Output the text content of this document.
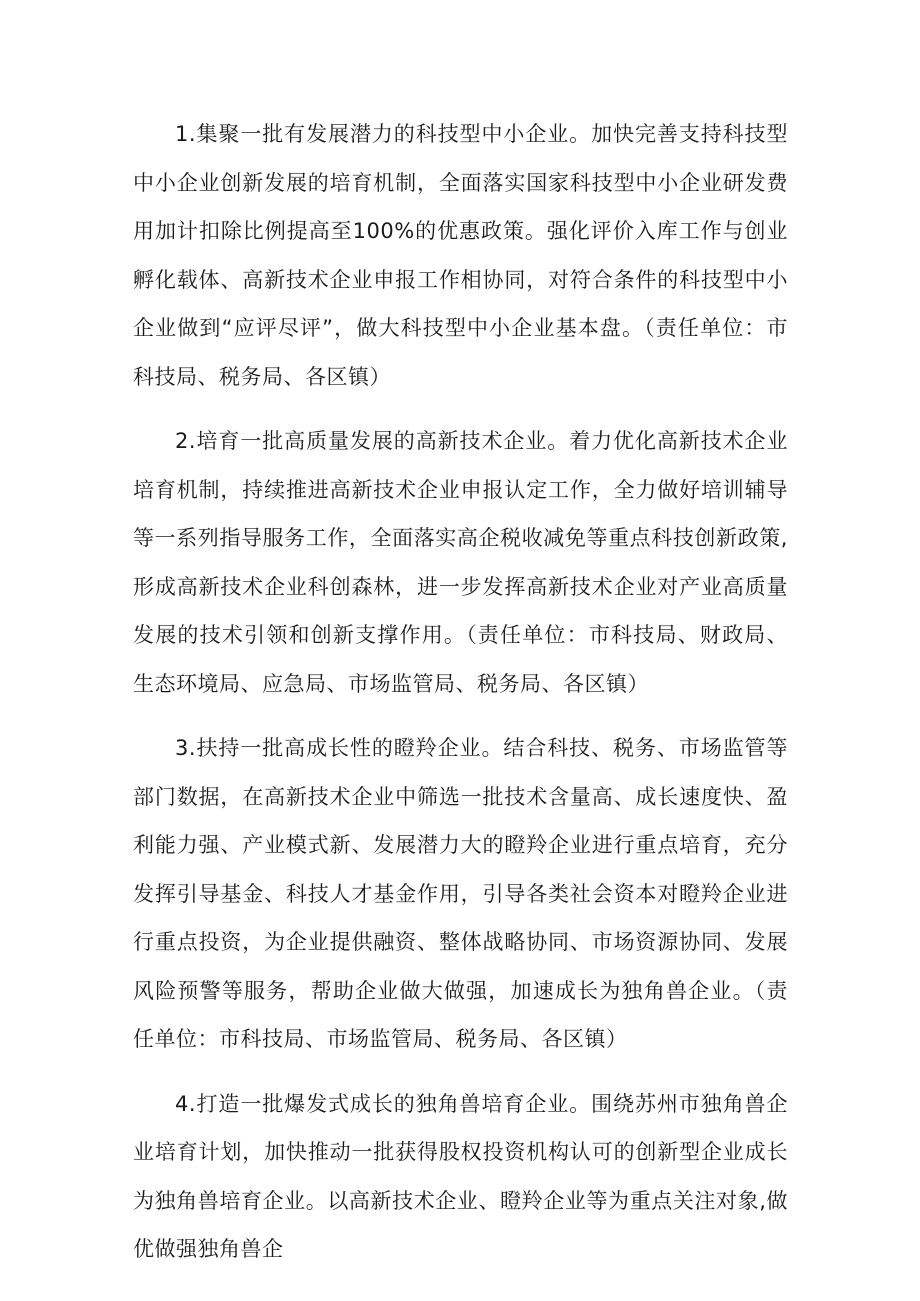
1.集聚一批有发展潜力的科技型中小企业。加快完善支持科技型中小企业创新发展的培育机制，全面落实国家科技型中小企业研发费用加计扣除比例提高至100%的优惠政策。强化评价入库工作与创业孵化载体、高新技术企业申报工作相协同，对符合条件的科技型中小企业做到“应评尽评”，做大科技型中小企业基本盘。（责任单位：市科技局、税务局、各区镇）

2.培育一批高质量发展的高新技术企业。着力优化高新技术企业培育机制，持续推进高新技术企业申报认定工作，全力做好培训辅导等一系列指导服务工作，全面落实高企税收减免等重点科技创新政策,形成高新技术企业科创森林，进一步发挥高新技术企业对产业高质量发展的技术引领和创新支撑作用。（责任单位：市科技局、财政局、生态环境局、应急局、市场监管局、税务局、各区镇）

3.扶持一批高成长性的瞪羚企业。结合科技、税务、市场监管等部门数据，在高新技术企业中筛选一批技术含量高、成长速度快、盈利能力强、产业模式新、发展潜力大的瞪羚企业进行重点培育，充分发挥引导基金、科技人才基金作用，引导各类社会资本对瞪羚企业进行重点投资，为企业提供融资、整体战略协同、市场资源协同、发展风险预警等服务，帮助企业做大做强，加速成长为独角兽企业。（责任单位：市科技局、市场监管局、税务局、各区镇）

4.打造一批爆发式成长的独角兽培育企业。围绕苏州市独角兽企业培育计划，加快推动一批获得股权投资机构认可的创新型企业成长为独角兽培育企业。以高新技术企业、瞪羚企业等为重点关注对象,做优做强独角兽企
